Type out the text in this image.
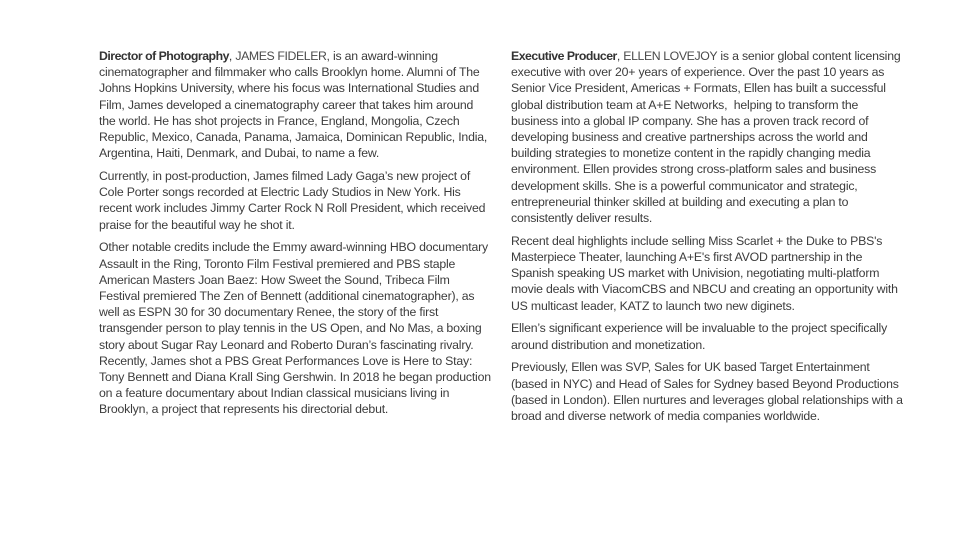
Director of Photography, JAMES FIDELER, is an award-winning cinematographer and filmmaker who calls Brooklyn home. Alumni of The Johns Hopkins University, where his focus was International Studies and Film, James developed a cinematography career that takes him around the world. He has shot projects in France, England, Mongolia, Czech Republic, Mexico, Canada, Panama, Jamaica, Dominican Republic, India, Argentina, Haiti, Denmark, and Dubai, to name a few.

Currently, in post-production, James filmed Lady Gaga’s new project of Cole Porter songs recorded at Electric Lady Studios in New York. His recent work includes Jimmy Carter Rock N Roll President, which received praise for the beautiful way he shot it.

Other notable credits include the Emmy award-winning HBO documentary Assault in the Ring, Toronto Film Festival premiered and PBS staple American Masters Joan Baez: How Sweet the Sound, Tribeca Film Festival premiered The Zen of Bennett (additional cinematographer), as well as ESPN 30 for 30 documentary Renee, the story of the first transgender person to play tennis in the US Open, and No Mas, a boxing story about Sugar Ray Leonard and Roberto Duran’s fascinating rivalry. Recently, James shot a PBS Great Performances Love is Here to Stay: Tony Bennett and Diana Krall Sing Gershwin. In 2018 he began production on a feature documentary about Indian classical musicians living in Brooklyn, a project that represents his directorial debut.

Executive Producer, ELLEN LOVEJOY is a senior global content licensing executive with over 20+ years of experience. Over the past 10 years as Senior Vice President, Americas + Formats, Ellen has built a successful global distribution team at A+E Networks,  helping to transform the business into a global IP company. She has a proven track record of developing business and creative partnerships across the world and building strategies to monetize content in the rapidly changing media environment. Ellen provides strong cross-platform sales and business development skills. She is a powerful communicator and strategic, entrepreneurial thinker skilled at building and executing a plan to consistently deliver results.

Recent deal highlights include selling Miss Scarlet + the Duke to PBS's Masterpiece Theater, launching A+E's first AVOD partnership in the Spanish speaking US market with Univision, negotiating multi-platform movie deals with ViacomCBS and NBCU and creating an opportunity with US multicast leader, KATZ to launch two new diginets.

Ellen’s significant experience will be invaluable to the project specifically around distribution and monetization.

Previously, Ellen was SVP, Sales for UK based Target Entertainment (based in NYC) and Head of Sales for Sydney based Beyond Productions (based in London). Ellen nurtures and leverages global relationships with a broad and diverse network of media companies worldwide.
